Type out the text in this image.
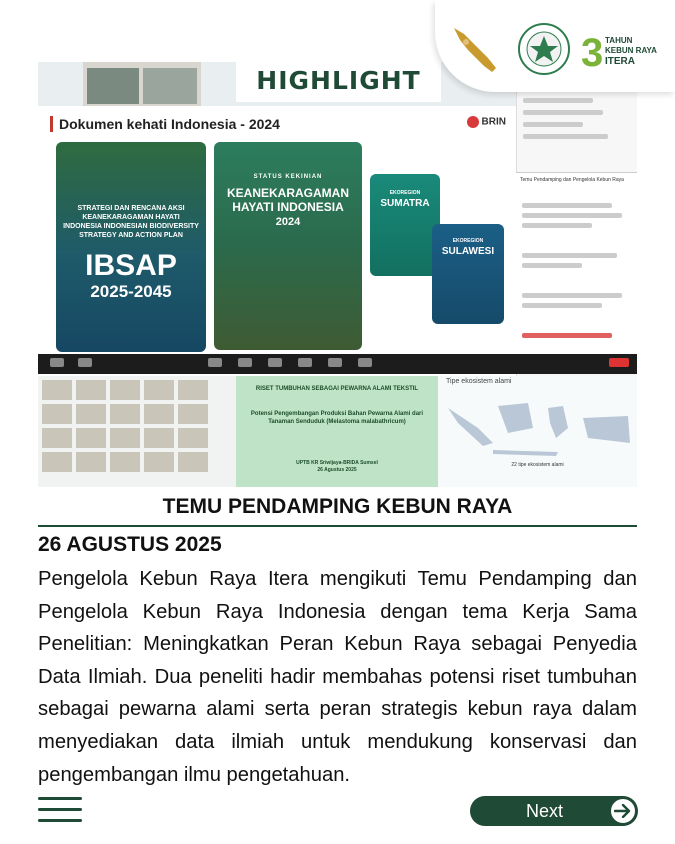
Dokumen kehati Indonesia - 2024	BRIN
STRATEGI DAN RENCANA AKSI KEANEKARAGAMAN HAYATI INDONESIA INDONESIAN BIODIVERSITY STRATEGY AND ACTION PLAN
IBSAP
2025-2045
STATUS KEKINIAN
KEANEKARAGAMAN HAYATI INDONESIA
2024
EKOREGION
SUMATRA
EKOREGION
SULAWESI
Temu Pendamping dan Pengelola Kebun Raya
RISET TUMBUHAN SEBAGAI PEWARNA ALAMI TEKSTIL
Potensi Pengembangan Produksi Bahan Pewarna Alami dari Tanaman Senduduk (Melastoma malabathricum)
UPTB KR Sriwijaya-BRIDA Sumsel
26 Agustus 2025
Tipe ekosistem alami
22 tipe ekosistem alami
HIGHLIGHT
3 TAHUN
KEBUN RAYA
ITERA
TEMU PENDAMPING KEBUN RAYA
26 AGUSTUS 2025
Pengelola Kebun Raya Itera mengikuti Temu Pendamping dan Pengelola Kebun Raya Indonesia dengan tema Kerja Sama Penelitian: Meningkatkan Peran Kebun Raya sebagai Penyedia Data Ilmiah. Dua peneliti hadir membahas potensi riset tumbuhan sebagai pewarna alami serta peran strategis kebun raya dalam menyediakan data ilmiah untuk mendukung konservasi dan pengembangan ilmu pengetahuan.
Next
